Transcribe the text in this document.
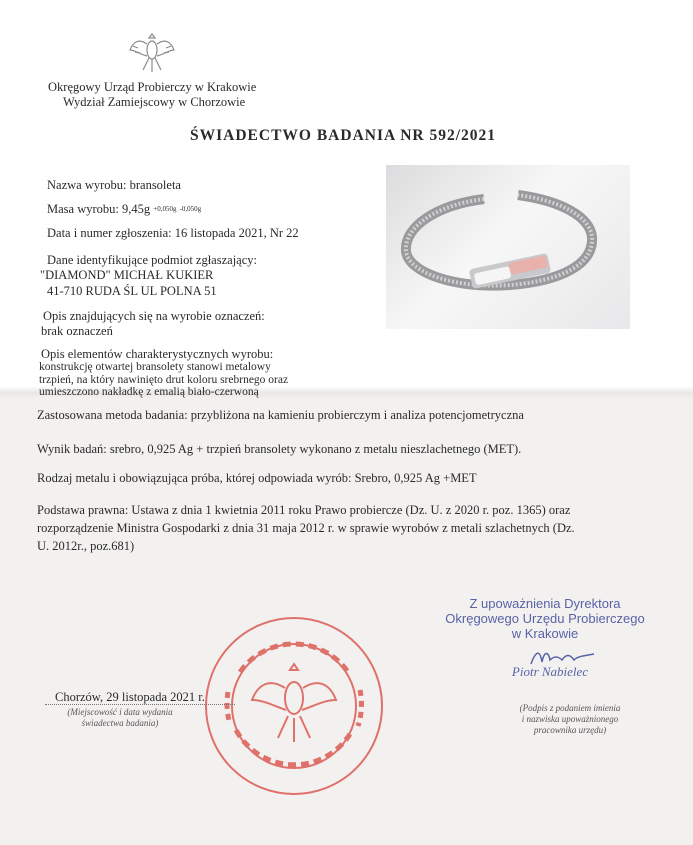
Okręgowy Urząd Probierczy w Krakowie
Wydział Zamiejscowy w Chorzowie
ŚWIADECTWO BADANIA NR 592/2021
Nazwa wyrobu: bransoleta
Masa wyrobu: 9,45g $^{+0,050g}$ -0,050g
Data i numer zgłoszenia: 16 listopada 2021, Nr 22
Dane identyfikujące podmiot zgłaszający:
"DIAMOND" MICHAŁ KUKIER
41-710 RUDA ŚL UL POLNA 51
Opis znajdujących się na wyrobie oznaczeń:
brak oznaczeń
Opis elementów charakterystycznych wyrobu:
konstrukcję otwartej bransolety stanowi metalowy
trzpień, na który nawinięto drut koloru srebrnego oraz
umieszczono nakładkę z emalią biało-czerwoną
Zastosowana metoda badania: przybliżona na kamieniu probierczym i analiza potencjometryczna
Wynik badań: srebro, 0,925 Ag + trzpień bransolety wykonano z metalu nieszlachetnego (MET).
Rodzaj metalu i obowiązująca próba, której odpowiada wyrób: Srebro, 0,925 Ag +MET
Podstawa prawna: Ustawa z dnia 1 kwietnia 2011 roku Prawo probiercze (Dz. U. z 2020 r. poz. 1365) oraz
rozporządzenie Ministra Gospodarki z dnia 31 maja 2012 r. w sprawie wyrobów z metali szlachetnych (Dz.
U. 2012r., poz.681)
Z upoważnienia Dyrektora
Okręgowego Urzędu Probierczego
w Krakowie
Piotr Nabielec
(Podpis z podaniem imienia
i nazwiska upoważnionego
pracownika urzędu)
Chorzów, 29 listopada 2021 r.
(Miejscowość i data wydania
świadectwa badania)
